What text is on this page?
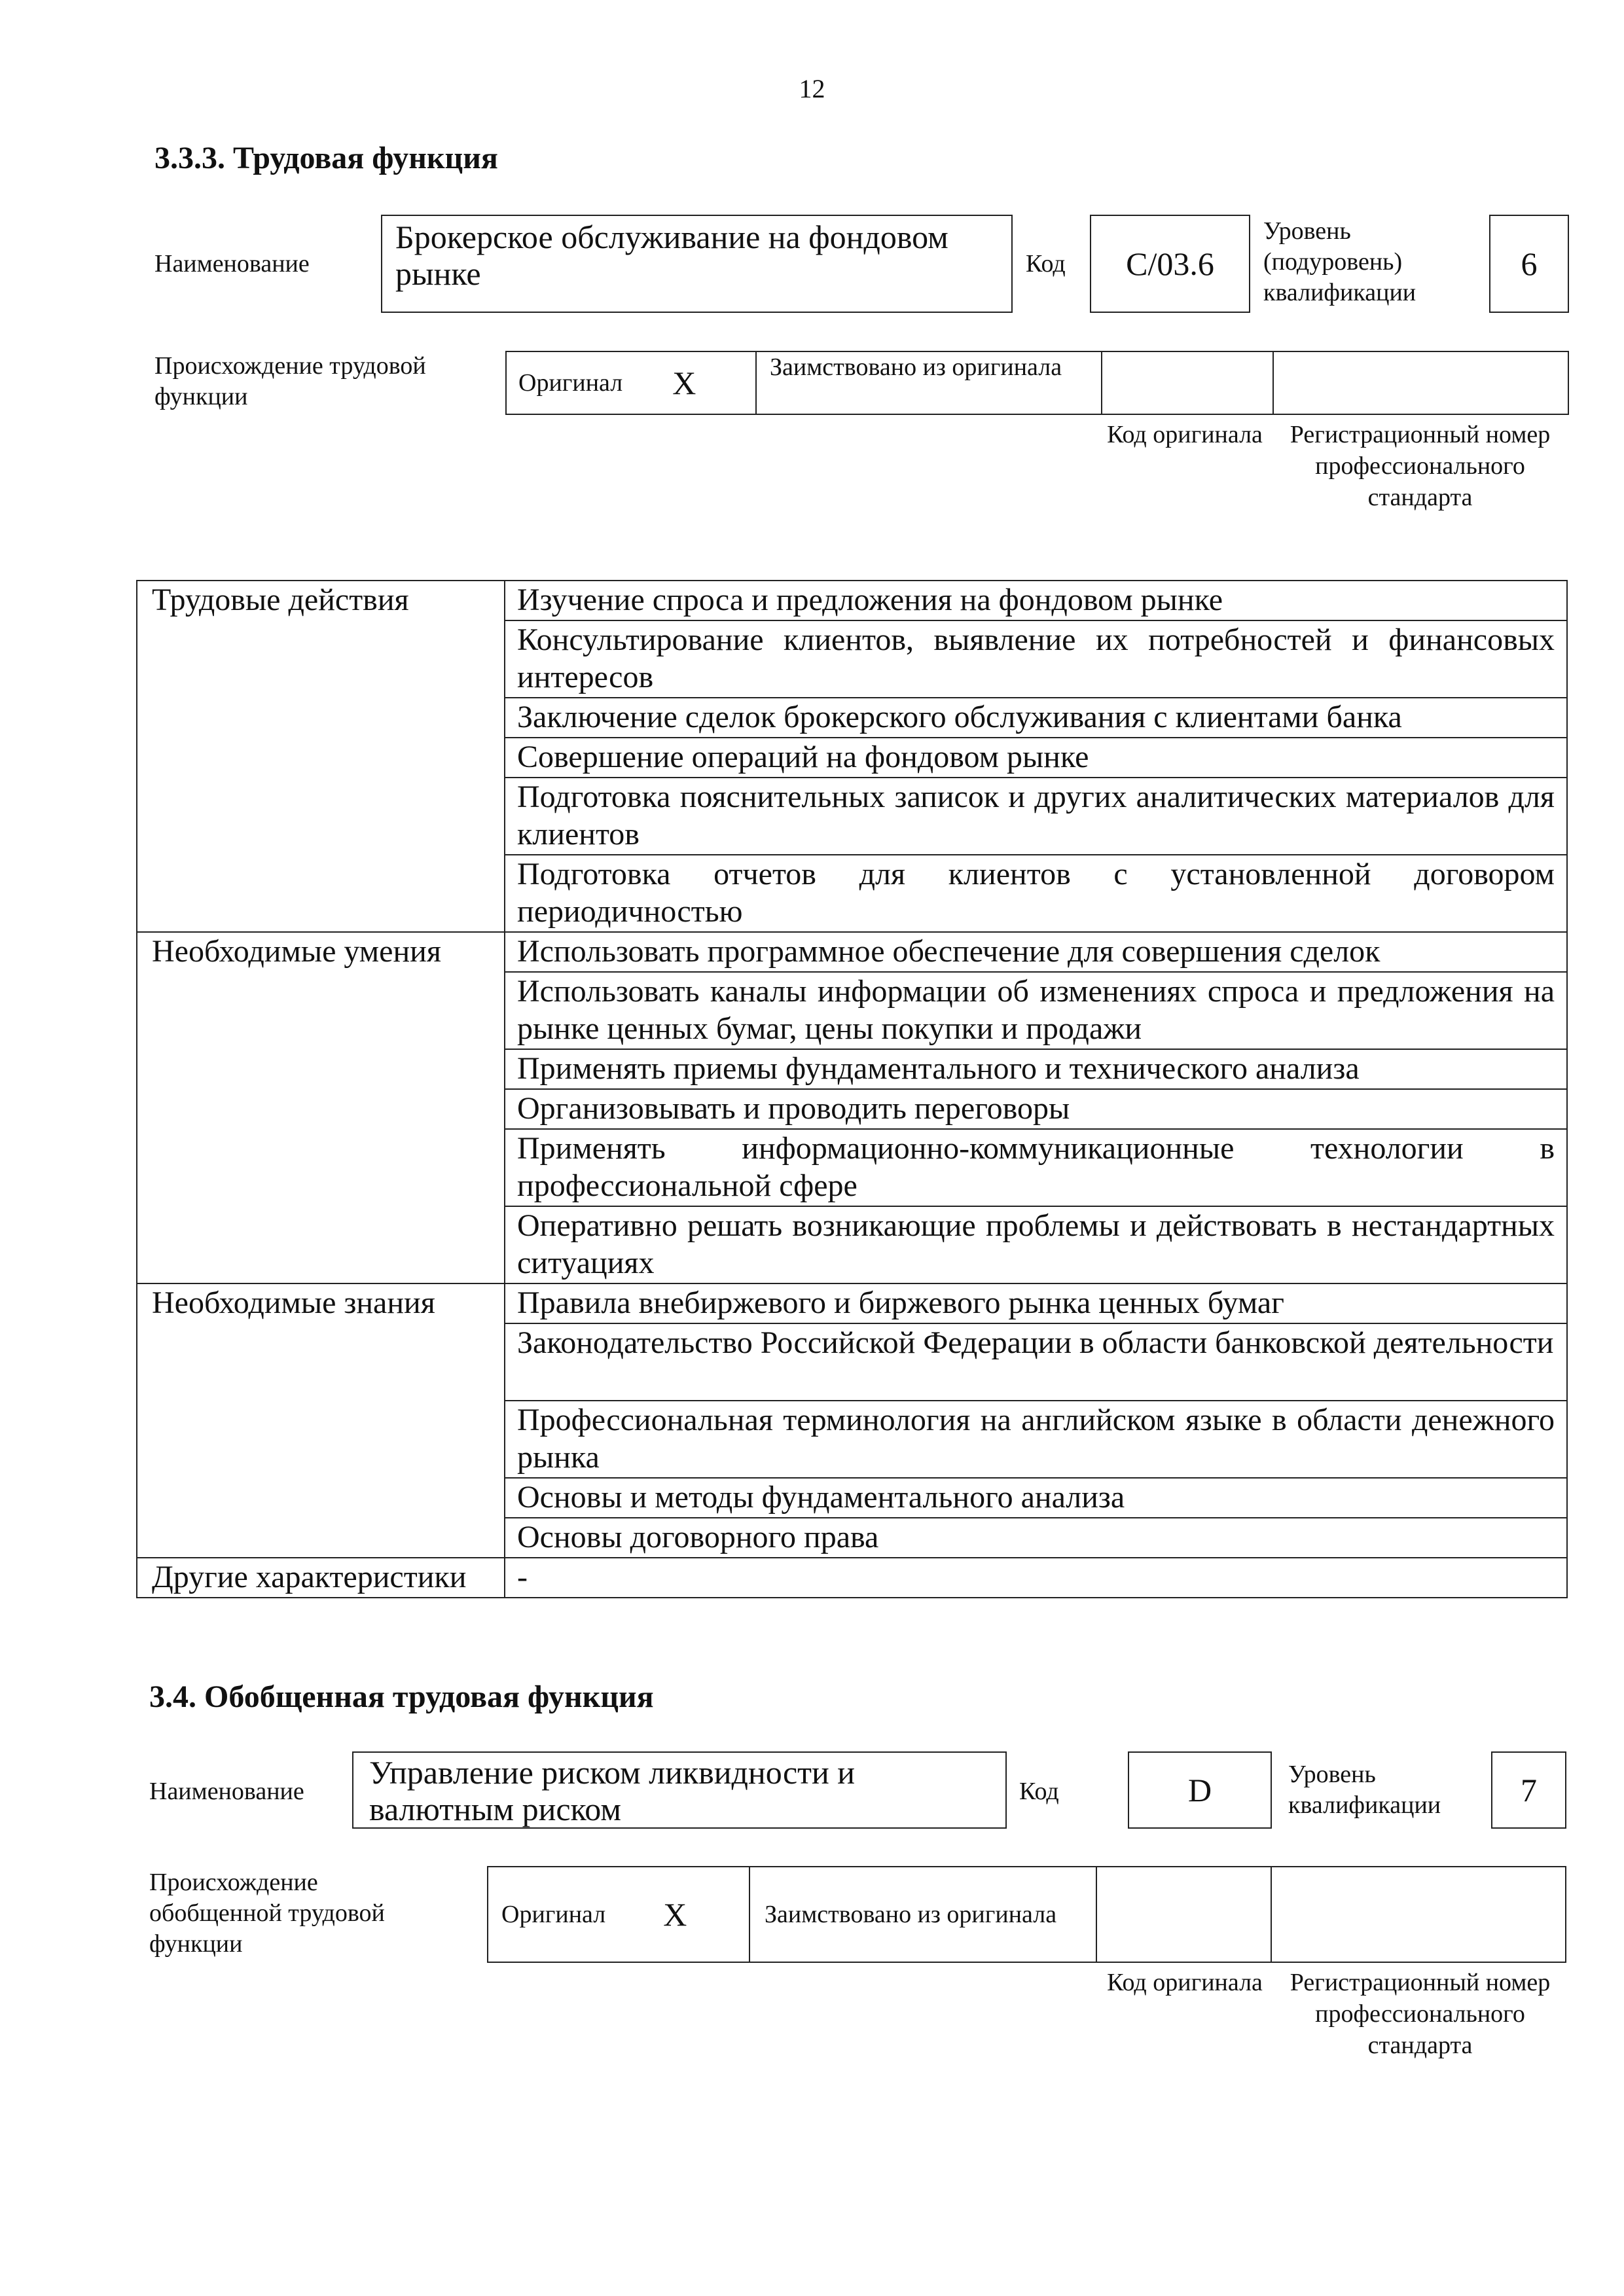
12
3.3.3. Трудовая функция
Наименование
Брокерское обслуживание на фондовом рынке	Код C/03.6
Уровень (подуровень) квалификации
6
Происхождение трудовой функции
Оригинал X	Заимствовано из оригинала
Код оригинала	Регистрационный номер профессионального стандарта
Трудовые действия	Изучение спроса и предложения на фондовом рынке
	Консультирование клиентов, выявление их потребностей и финансовых интересов
	Заключение сделок брокерского обслуживания с клиентами банка
	Совершение операций на фондовом рынке
	Подготовка пояснительных записок и других аналитических материалов для клиентов
	Подготовка отчетов для клиентов с установленной договором периодичностью
Необходимые умения	Использовать программное обеспечение для совершения сделок
	Использовать каналы информации об изменениях спроса и предложения на рынке ценных бумаг, цены покупки и продажи
	Применять приемы фундаментального и технического анализа
	Организовывать и проводить переговоры
	Применять информационно-коммуникационные технологии в профессиональной сфере
	Оперативно решать возникающие проблемы и действовать в нестандартных ситуациях
Необходимые знания	Правила внебиржевого и биржевого рынка ценных бумаг
	Законодательство Российской Федерации в области банковской деятельности
	Профессиональная терминология на английском языке в области денежного рынка
	Основы и методы фундаментального анализа
	Основы договорного права
Другие характеристики	-
3.4. Обобщенная трудовая функция
Наименование
Управление риском ликвидности и валютным риском	Код	D	Уровень квалификации	7
Происхождение обобщенной трудовой функции
Оригинал X	Заимствовано из оригинала
Код оригинала	Регистрационный номер профессионального стандарта
